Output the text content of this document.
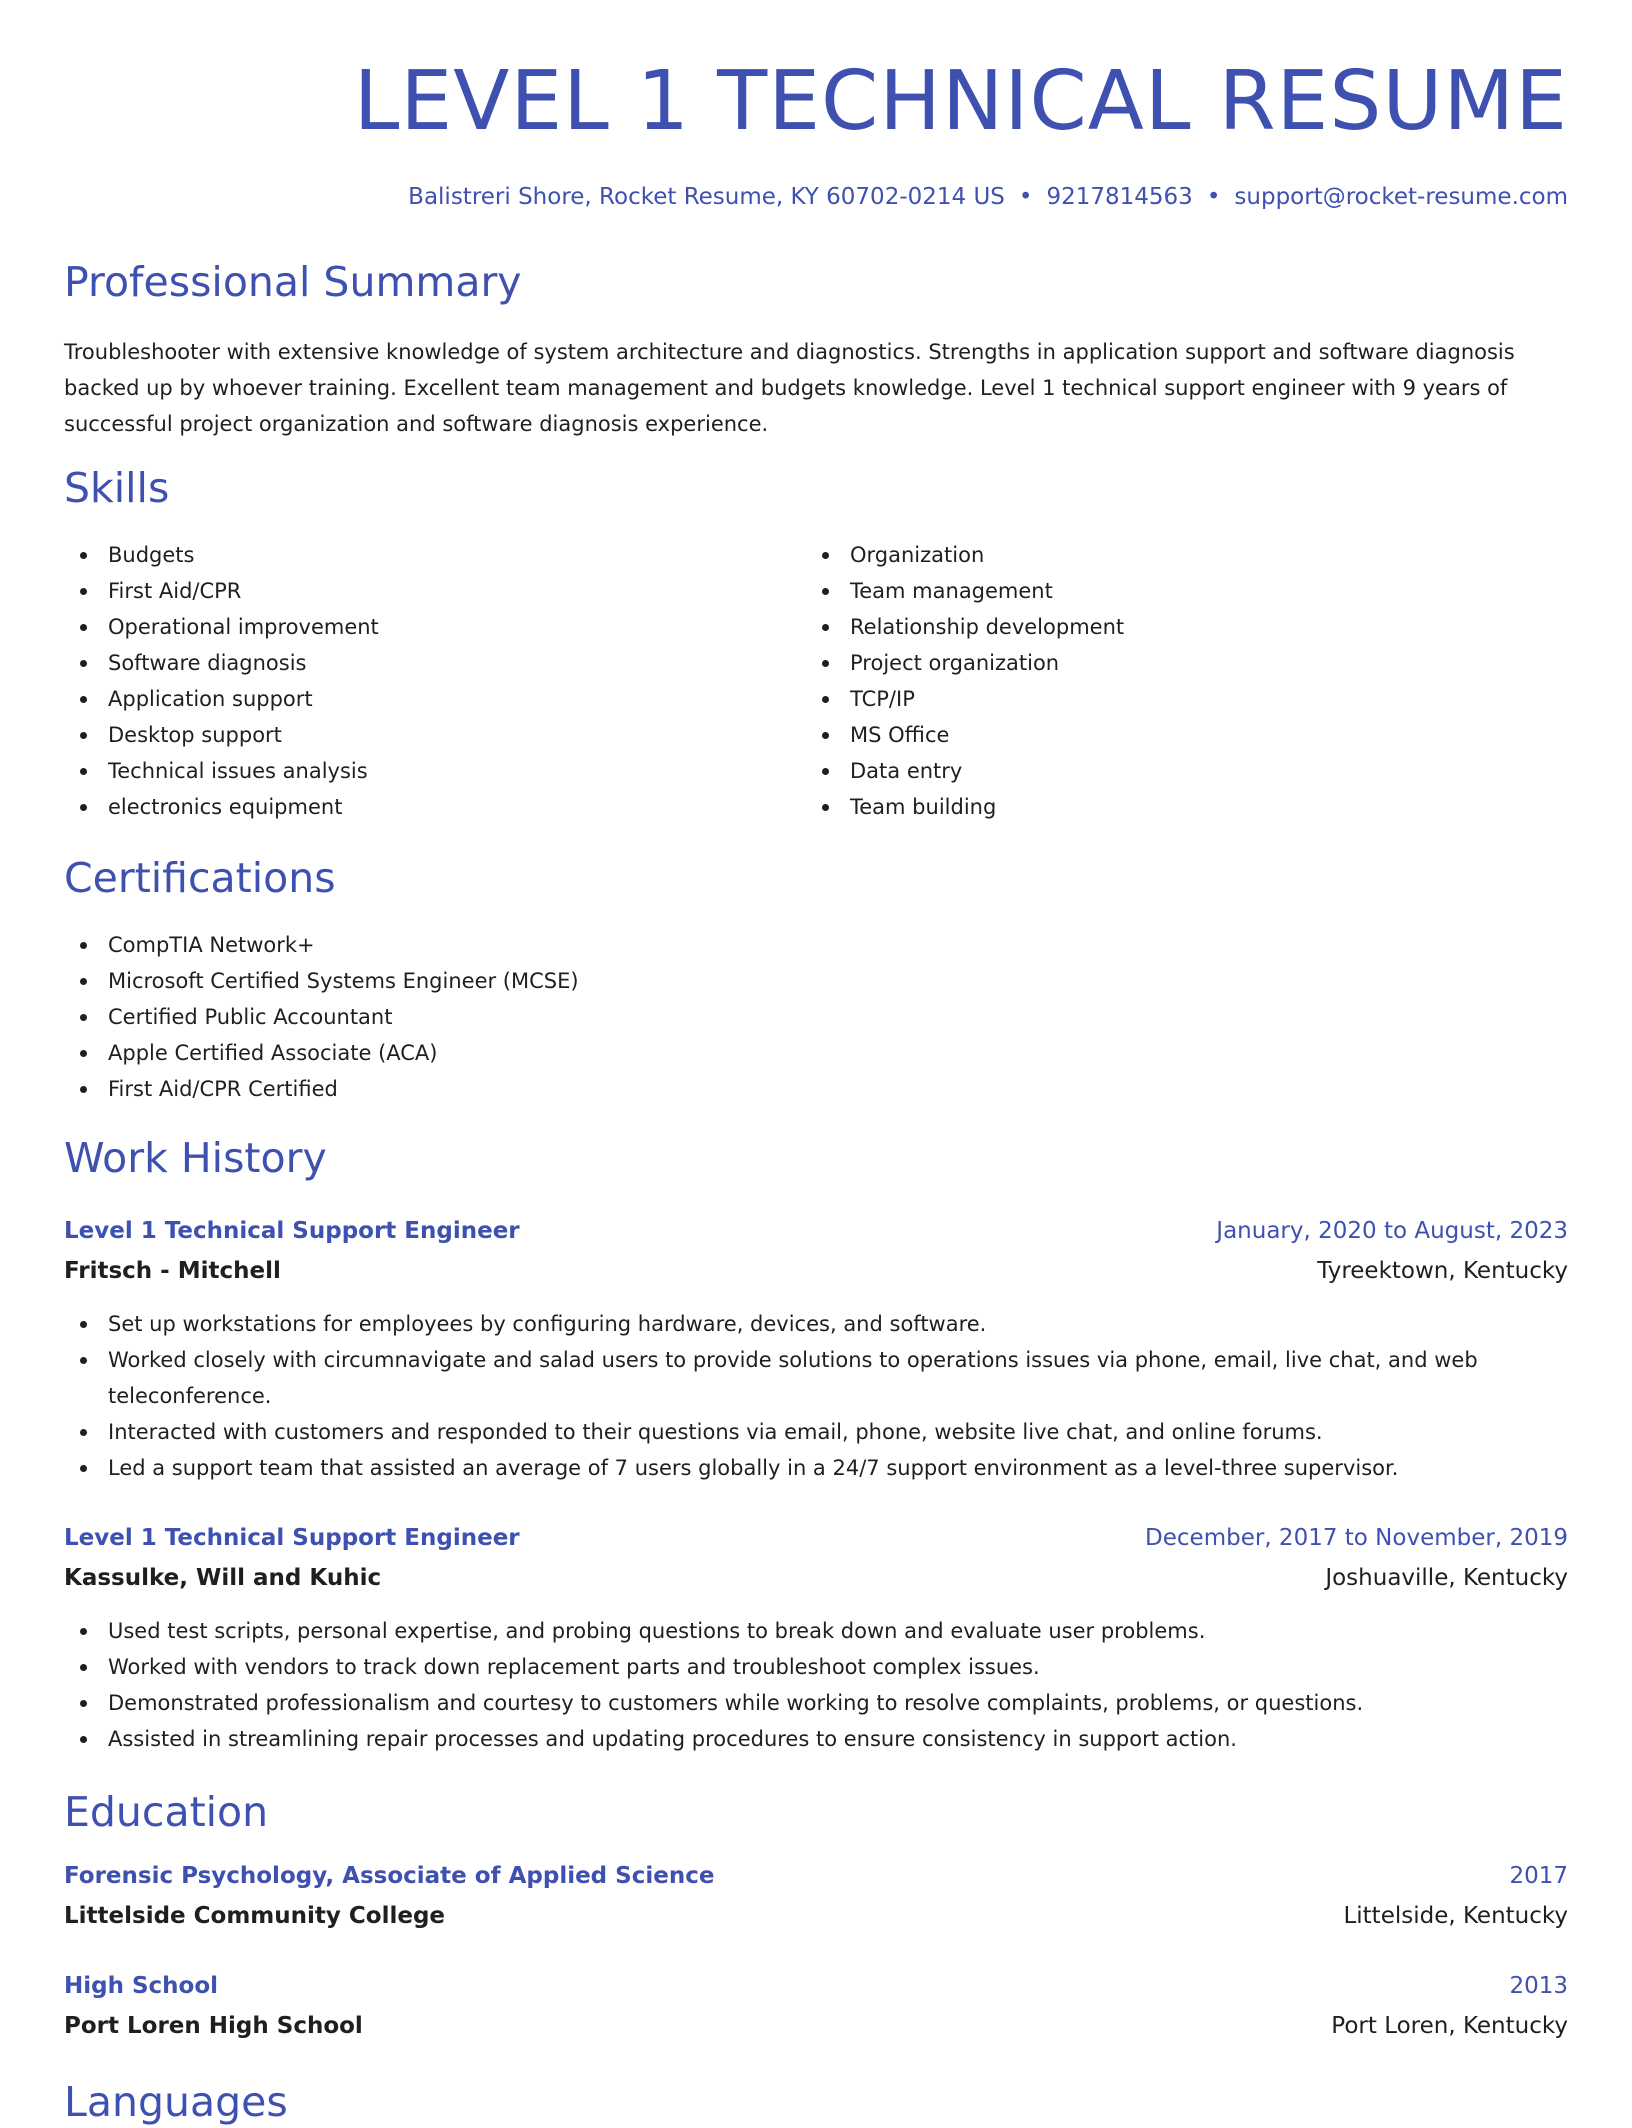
LEVEL 1 TECHNICAL RESUME
Balistreri Shore, Rocket Resume, KY 60702-0214 US • 9217814563 • support@rocket-resume.com
Professional Summary

Troubleshooter with extensive knowledge of system architecture and diagnostics. Strengths in application support and software diagnosis backed up by whoever training. Excellent team management and budgets knowledge. Level 1 technical support engineer with 9 years of successful project organization and software diagnosis experience.

Skills
Budgets
First Aid/CPR
Operational improvement
Software diagnosis
Application support
Desktop support
Technical issues analysis
electronics equipment
Organization
Team management
Relationship development
Project organization
TCP/IP
MS Office
Data entry
Team building
Certifications
CompTIA Network+
Microsoft Certified Systems Engineer (MCSE)
Certified Public Accountant
Apple Certified Associate (ACA)
First Aid/CPR Certified
Work History
Level 1 Technical Support Engineer	January, 2020 to August, 2023
Fritsch - Mitchell	Tyreektown, Kentucky
Set up workstations for employees by configuring hardware, devices, and software.
Worked closely with circumnavigate and salad users to provide solutions to operations issues via phone, email, live chat, and web teleconference.
Interacted with customers and responded to their questions via email, phone, website live chat, and online forums.
Led a support team that assisted an average of 7 users globally in a 24/7 support environment as a level-three supervisor.
Level 1 Technical Support Engineer	December, 2017 to November, 2019
Kassulke, Will and Kuhic	Joshuaville, Kentucky
Used test scripts, personal expertise, and probing questions to break down and evaluate user problems.
Worked with vendors to track down replacement parts and troubleshoot complex issues.
Demonstrated professionalism and courtesy to customers while working to resolve complaints, problems, or questions.
Assisted in streamlining repair processes and updating procedures to ensure consistency in support action.
Education
Forensic Psychology, Associate of Applied Science	2017
Littelside Community College	Littelside, Kentucky
High School	2013
Port Loren High School	Port Loren, Kentucky
Languages
